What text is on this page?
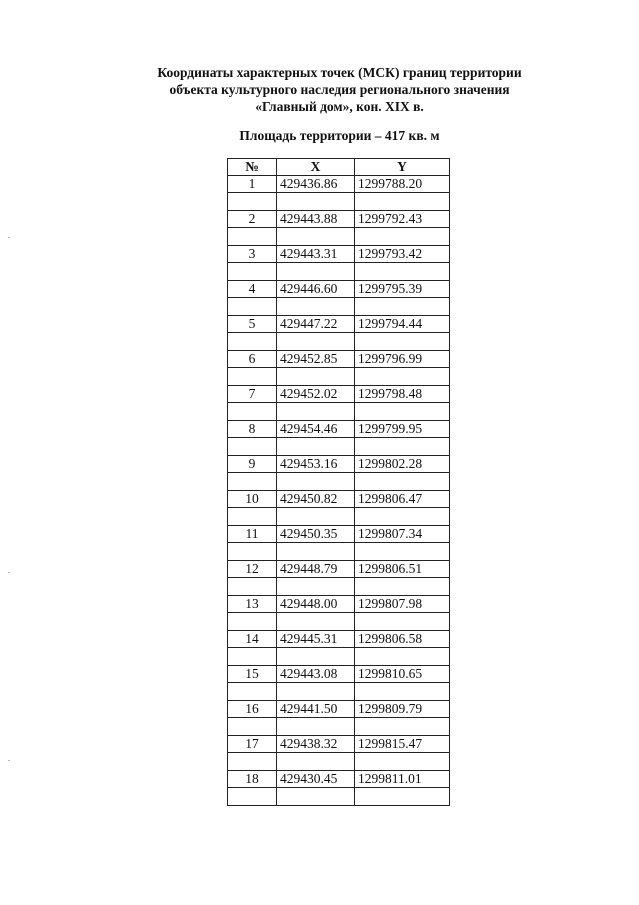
Координаты характерных точек (МСК) границ территории
объекта культурного наследия регионального значения
«Главный дом», кон. XIX в.
Площадь территории – 417 кв. м
№	X	Y
1	429436.86	1299788.20

2	429443.88	1299792.43

3	429443.31	1299793.42

4	429446.60	1299795.39

5	429447.22	1299794.44

6	429452.85	1299796.99

7	429452.02	1299798.48

8	429454.46	1299799.95

9	429453.16	1299802.28

10	429450.82	1299806.47

11	429450.35	1299807.34

12	429448.79	1299806.51

13	429448.00	1299807.98

14	429445.31	1299806.58

15	429443.08	1299810.65

16	429441.50	1299809.79

17	429438.32	1299815.47

18	429430.45	1299811.01
